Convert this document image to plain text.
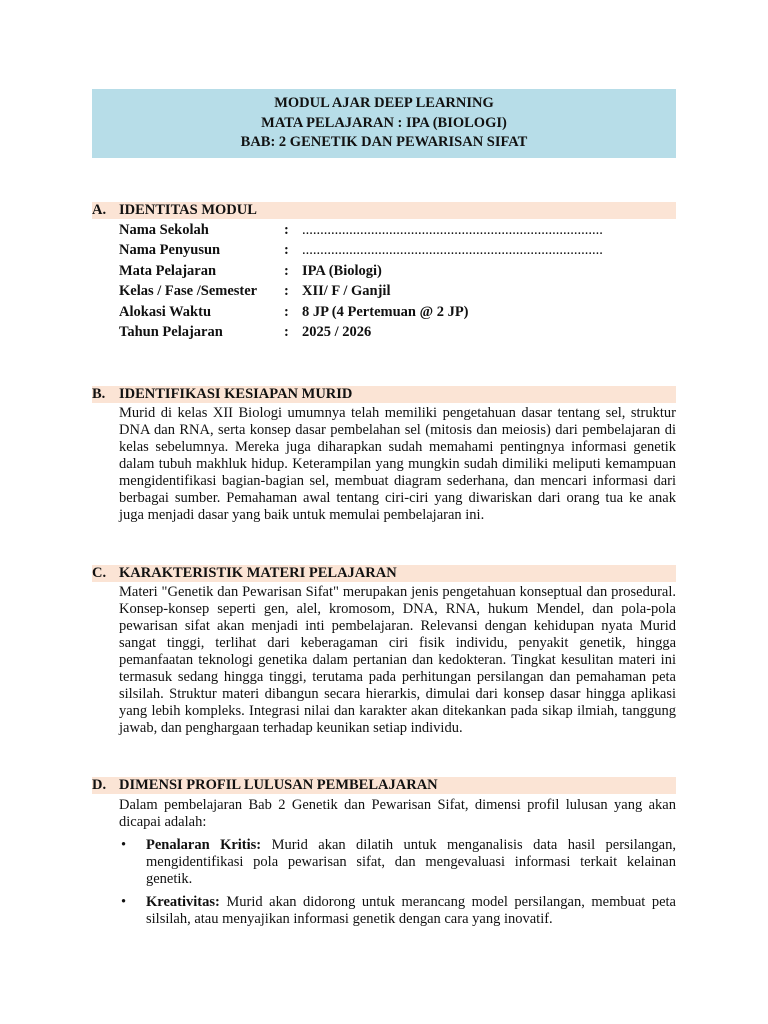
MODUL AJAR DEEP LEARNING
MATA PELAJARAN : IPA (BIOLOGI)
BAB: 2 GENETIK DAN PEWARISAN SIFAT
A. IDENTITAS MODUL
Nama Sekolah	: ...................................................................................
Nama Penyusun	: ...................................................................................
Mata Pelajaran	: IPA (Biologi)
Kelas / Fase /Semester	: XII/ F / Ganjil
Alokasi Waktu	: 8 JP (4 Pertemuan @ 2 JP)
Tahun Pelajaran	: 2025 / 2026
B. IDENTIFIKASI KESIAPAN MURID

Murid di kelas XII Biologi umumnya telah memiliki pengetahuan dasar tentang sel, struktur DNA dan RNA, serta konsep dasar pembelahan sel (mitosis dan meiosis) dari pembelajaran di kelas sebelumnya. Mereka juga diharapkan sudah memahami pentingnya informasi genetik dalam tubuh makhluk hidup. Keterampilan yang mungkin sudah dimiliki meliputi kemampuan mengidentifikasi bagian-bagian sel, membuat diagram sederhana, dan mencari informasi dari berbagai sumber. Pemahaman awal tentang ciri-ciri yang diwariskan dari orang tua ke anak juga menjadi dasar yang baik untuk memulai pembelajaran ini.

C. KARAKTERISTIK MATERI PELAJARAN

Materi "Genetik dan Pewarisan Sifat" merupakan jenis pengetahuan konseptual dan prosedural. Konsep-konsep seperti gen, alel, kromosom, DNA, RNA, hukum Mendel, dan pola-pola pewarisan sifat akan menjadi inti pembelajaran. Relevansi dengan kehidupan nyata Murid sangat tinggi, terlihat dari keberagaman ciri fisik individu, penyakit genetik, hingga pemanfaatan teknologi genetika dalam pertanian dan kedokteran. Tingkat kesulitan materi ini termasuk sedang hingga tinggi, terutama pada perhitungan persilangan dan pemahaman peta silsilah. Struktur materi dibangun secara hierarkis, dimulai dari konsep dasar hingga aplikasi yang lebih kompleks. Integrasi nilai dan karakter akan ditekankan pada sikap ilmiah, tanggung jawab, dan penghargaan terhadap keunikan setiap individu.

D. DIMENSI PROFIL LULUSAN PEMBELAJARAN

Dalam pembelajaran Bab 2 Genetik dan Pewarisan Sifat, dimensi profil lulusan yang akan dicapai adalah:

•	Penalaran Kritis: Murid akan dilatih untuk menganalisis data hasil persilangan, mengidentifikasi pola pewarisan sifat, dan mengevaluasi informasi terkait kelainan genetik.
•	Kreativitas: Murid akan didorong untuk merancang model persilangan, membuat peta silsilah, atau menyajikan informasi genetik dengan cara yang inovatif.
